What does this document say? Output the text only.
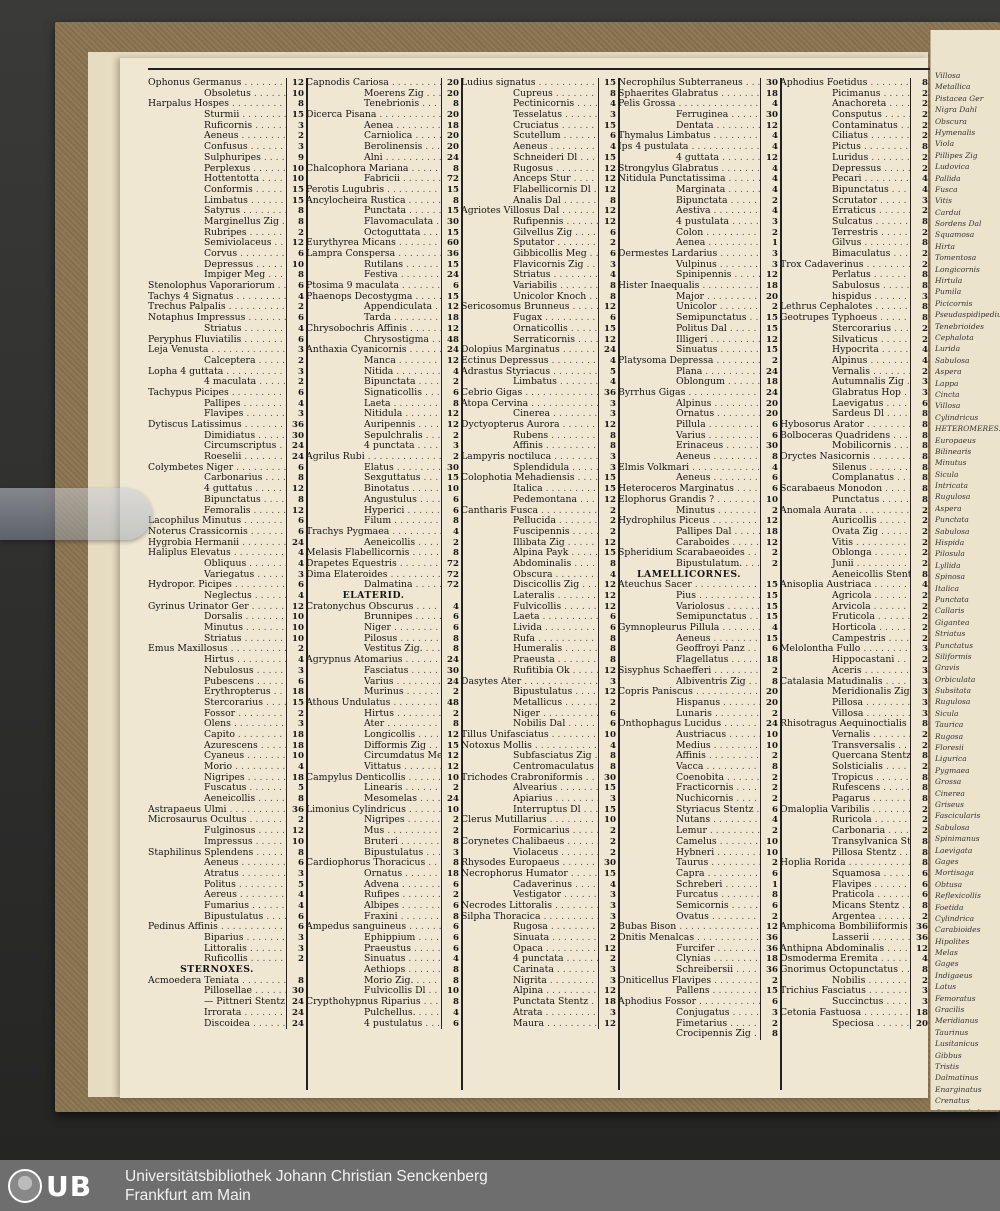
Villosa
Metallica
Pistacea Ger
Nigra Dahl
Obscura
Hymenalis
Viola
Pillipes Zig
Ludovica
Pallida
Fusca
Vitis
Cardui
Sordens Dal
Squamosa
Hirta
Tomentosa
Longicornis
Hirtula
Pumila
Picicornis
Pseudaspidipedius
Tenebrioides
Cephalota
Lurida
Sabulosa
Aspera
Lappa
Cincta
Villosa
Cylindricus
HETEROMERES.
Europaeus
Bilinearis
Minutus
Sicula
Intricata
Rugulosa
Aspera
Punctata
Sabulosa
Hispida
Pilosula
Lyllida
Spinosa
Italica
Punctata
Callaris
Gigantea
Striatus
Punctatus
Siliformis
Gravis
Orbiculata
Subsitata
Rugulosa
Sicula
Taurica
Rugosa
Floresii
Ligurica
Pygmaea
Grossa
Cinerea
Griseus
Fascicularis
Sabulosa
Spinimanus
Laevigata
Gages
Mortisaga
Obtusa
Reflexicollis
Foetida
Cylindrica
Carabioides
Hipolites
Melas
Gages
Indigaeus
Latus
Femoratus
Gracilis
Meridianus
Taurinus
Lusitanicus
Gibbus
Tristis
Dalmatinus
Enarginatus
Crenatus
Ophonus Germanus . . . . . . .	12
Obsoletus . . . . .	10
Harpalus Hospes . . . . . . . . .	8
Sturmii . . . . . . .	15
Ruficornis . . . . .	3
Aeneus . . . . . . . .	2
Confusus . . . . . .	3
Sulphuripes . . . .	9
Perplexus . . . . . . 10
Hottentotta . . . .	10
Conformis . . . . .	15
Limbatus . . . . . .	15
Satyrus . . . . . . .	8
Marginellus Zig .	8
Rubripes . . . . . .	2
Semiviolaceus . .	12
Corvus . . . . . . . .	6
Depressus . . . . .	10
Impiger Meg . . .	8
Stenolophus Vaporariorum .	6
Tachys 4 Signatus . . . . . . . .	4
Trechus Palpalis . . . . . . . . . .	2
Notaphus Impressus . . . . . .	6
Striatus . . . . . . .	4
Peryphus Fluviatilis . . . . . . .	6
Leja Venusta . . . . . . . . . . . . .	3
Calceptera . . . . .	2
Lopha 4 guttata . . . . . . . . . .	3
4 maculata . . . . .	2
Tachypus Picipes . . . . . . . . .	6
Pallipes . . . . . . .	4
Flavipes . . . . . . .	3
Dytiscus Latissimus . . . . . . .	36
Dimidiatus . . . . . 30
Circumscriptus .	24
Roeselii . . . . . . .	24
Colymbetes Niger . . . . . . . .	6
Carbonarius . . . .	8
4 guttatus . . . . .	12
Bipunctatus . . . .	8
Femoralis . . . . . . 12
Lacophilus Minutus . . . . . . .	6
Noterus Crassicornis . . . . . .	6
Hygrobia Hermanii . . . . . . .	24
Haliplus Elevatus . . . . . . . . .	4
Obliquus . . . . . .	4
Variegatus . . . . .	3
Hydropor. Picipes . . . . . . . . .	6
Neglectus . . . . .	4
Gyrinus Urinator Ger . . . . . . 12
Dorsalis . . . . . . . 10
Minutus . . . . . . . 10
Striatus . . . . . . .	10
Emus Maxillosus . . . . . . . . .	2
Hirtus . . . . . . . .	4
Nebulosus . . . . .	3
Pubescens . . . . .	6
Erythropterus . .	18
Stercorarius . . .	15
Fossor . . . . . . . .	2
Olens . . . . . . . . .	3
Capito . . . . . . . .	18
Azurescens . . . .	18
Cyaneus . . . . . . . 10
Morio . . . . . . . . .	4
Nigripes . . . . . . . 18
Fuscatus . . . . . .	5
Aeneicollis . . . . .	8
Astrapaeus Ulmi . . . . . . . . . . 36
Microsaurus Ocultus . . . . . .	2
Fulginosus . . . . . 12
Impressus . . . . .	10
Staphilinus Splendens . . . . .	8
Aeneus . . . . . . . .	6
Atratus . . . . . . . .	3
Politus . . . . . . . .	5
Aereus . . . . . . . .	4
Fumarius . . . . . .	4
Bipustulatus . . .	6
Pedinus Affinis . . . . . . . . . . .	6
Biparius . . . . . . .	3
Littoralis . . . . . .	3
Ruficollis . . . . . .	2
STERNOXES.
Acmoedera Teniata . . . . . . .	8
Pillosellae . . . . .	30
— Pittneri Stentz 24
Irrorata . . . . . . .	24
Discoidea . . . . . . 24
Capnodis Cariosa . . . . . . . .	20
Moerens Zig . .	20
Tenebrionis . . .	8
Dicerca Pisana . . . . . . . . . .	20
Aenea . . . . . . . . 18
Carniolica . . . .	20
Berolinensis . . . 20
Alni . . . . . . . . .	24
Chalcophora Mariana . . . . .	8
Fabricii . . . . . . . 72
Perotis Lugubris . . . . . . . . .	15
Ancylocheira Rustica . . . . . .	8
Punctata . . . . .	15
Flavomaculata . 30
Octoguttata . . .	15
Eurythyrea Micans . . . . . . .	60
Lampra Conspersa . . . . . . .	36
Rutilans . . . . . . 15
Festiva . . . . . . . 24
Ptosima 9 maculata . . . . . . .	6
Phaenops Decostygma . . . .	15
Appendiculata .	12
Tarda . . . . . . . .	18
Chrysobochris Affinis . . . . .	12
Chrysostigma . . 48
Anthaxia Cyanicornis . . . . .	24
Manca . . . . . . .	12
Nitida . . . . . . . .	4
Bipunctata . . . .	2
Signaticollis . . .	6
Laeta . . . . . . . .	8
Nitidula . . . . . .	12
Auripennis . . . . 12
Sepulchralis . . .	2
4 punctata . . . .	3
Agrilus Rubi . . . . . . . . . . . .	2
Elatus . . . . . . . . 30
Sexguttatus . . .	15
Binotatus . . . . . 10
Angustulus . . . .	6
Hyperici . . . . . .	6
Filum . . . . . . . .	8
Trachys Pygmaea . . . . . . . .	4
Aeneicollis . . . .	2
Melasis Flabellicornis . . . . .	8
Drapetes Equestris . . . . . . .	72
Dima Elateroides . . . . . . . . . 72
Dalmatina . . . .	72
ELATERID.
Cratonychus Obscurus . . . .	4
Brunnipes . . . .	6
Niger . . . . . . . .	6
Pilosus . . . . . . .	8
Vestitus Zig. . . .	8
Agrypnus Atomarius . . . . . .	24
Fasciatus . . . . .	30
Varius . . . . . . . . 24
Murinus . . . . . .	2
Athous Undulatus . . . . . . . .	48
Hirtus . . . . . . .	2
Ater . . . . . . . . .	8
Longicollis . . . . 12
Difformis Zig . .	15
Circumdatus Me 12
Vittatus . . . . . .	12
Campylus Denticollis . . . . . . 10
Linearis . . . . . .	2
Mesomelas . . . . 24
Limonius Cylindricus . . . . .	10
Nigripes . . . . . .	2
Mus . . . . . . . . .	2
Bruteri . . . . . . .	8
Bipustulatus . . .	3
Cardiophorus Thoracicus . .	8
Ornatus . . . . . .	18
Advena . . . . . . .	6
Rufipes . . . . . . .	2
Albipes . . . . . . .	6
Fraxini . . . . . . .	8
Ampedus sanguineus . . . . .	6
Ephippium . . . .	6
Praeustus . . . . .	6
Sinuatus . . . . . .	4
Aethiops . . . . . .	8
Morio Zig. . . . .	8
Fulvicollis Dl . .	10
Crypthohypnus Riparius . . .	8
Pulchellus. . . . .	4
4 pustulatus . . .	6
Ludius signatus . . . . . . . . . .	15
Cupreus . . . . . . .	8
Pectinicornis . . . .	4
Tesselatus . . . . . .	3
Cruciatus . . . . . .	15
Scutellum . . . . . .	6
Aeneus . . . . . . . .	4
Schneideri Dl . . .	15
Rugosus . . . . . . .	12
Anceps Stur . . . .	12
Flabellicornis Dl . 12
Analis Dal . . . . . .	8
Agriotes Villosus Dal . . . . . .	12
Rufipennis . . . . .	12
Gilvellus Zig . . . .	6
Sputator . . . . . . .	2
Gibbicollis Meg .	6
Flavicornis Zig . .	3
Striatus . . . . . . . .	4
Variabilis . . . . . .	8
Unicolor Knoch . .	8
Sericosomus Brunneus . . . .	12
Fugax . . . . . . . . .	6
Ornaticollis . . . . . 15
Serraticornis . . .	12
Dolopius Marginatus . . . . . .	24
Ectinus Depressus . . . . . . . .	4
Adrastus Styriacus . . . . . . . .	5
Limbatus . . . . . .	4
Cebrio Gigas . . . . . . . . . . . .	36
Atopa Cervina . . . . . . . . . . .	3
Cinerea . . . . . . . .	3
Dyctyopterus Aurora . . . . . .	12
Rubens . . . . . . . .	8
Affinis . . . . . . . . .	8
Lampyris noctiluca . . . . . . .	3
Splendidula . . . .	3
Colophotia Mehadiensis . . . . 15
Italica . . . . . . . . . 15
Pedemontana . . .	12
Cantharis Fusca . . . . . . . . . .	2
Pellucida . . . . . . .	2
Fuscipennis . . . .	2
Illibata Zig . . . . .	12
Alpina Payk . . . . . 15
Abdominalis . . . .	8
Obscura . . . . . . .	4
Discicollis Zig . . . 12
Lateralis . . . . . . . 12
Fulvicollis . . . . . . 12
Laeta . . . . . . . . .	6
Livida . . . . . . . . .	6
Rufa . . . . . . . . . .	8
Humeralis . . . . . .	8
Praeusta . . . . . . .	8
Rufitibia Ok . . . .	12
Dasytes Ater . . . . . . . . . . . . .	3
Bipustulatus . . . . 12
Metallicus . . . . . .	2
Niger . . . . . . . . .	6
Nobilis Dal . . . . .	6
Tillus Unifasciatus . . . . . . . . 10
Notoxus Mollis . . . . . . . . . . .	4
Subfasciatus Zig .	8
Centromaculatus	8
Trichodes Crabroniformis . .	30
Alvearius . . . . . .	15
Apiarius . . . . . . .	3
Interruptus Dl . .	15
Clerus Mutillarius . . . . . . . .	10
Formicarius . . . .	2
Corynetes Chalibaeus . . . . .	2
Violaceus . . . . . .	2
Rhysodes Europaeus . . . . . .	30
Necrophorus Humator . . . . . 15
Cadaverinus . . . .	4
Vestigator . . . . . .	3
Necrodes Littoralis . . . . . . .	3
Silpha Thoracica . . . . . . . . .	3
Rugosa . . . . . . . .	2
Sinuata . . . . . . . .	2
Opaca . . . . . . . . . 12
4 punctata . . . . .	2
Carinata . . . . . . .	3
Nigrita . . . . . . . .	3
Alpina . . . . . . . . . 12
Punctata Stentz .	18
Atrata . . . . . . . . .	3
Maura . . . . . . . . . 12
Necrophilus Subterraneus . .	30
Sphaerites Glabratus . . . . . . . 18
Pelis Grossa . . . . . . . . . . . . . . . 4
Ferruginea . . . . . 30
Dentata . . . . . . .	12
Thymalus Limbatus . . . . . . . .	4
Ips 4 pustulata . . . . . . . . . . . .	4
4 guttata . . . . . .	12
Strongylus Glabratus . . . . . . .	4
Nitidula Punctatissima . . . . .	4
Marginata . . . . .	4
Bipunctata . . . . .	2
Aestiva . . . . . . . .	4
4 pustulata . . . . .	3
Colon . . . . . . . . .	2
Aenea . . . . . . . . .	1
Dermestes Lardarius . . . . . . .	3
Vulpinus . . . . . . .	3
Spinipennis . . . .	12
Hister Inaequalis . . . . . . . . . . 18
Major . . . . . . . . .	20
Unicolor . . . . . . .	2
Semipunctatus . . 15
Politus Dal . . . . .	15
Illigeri . . . . . . . .	12
Sinuatus . . . . . . . 15
Platysoma Depressa . . . . . . .	2
Plana . . . . . . . . .	24
Oblongum . . . . .	18
Byrrhus Gigas . . . . . . . . . . . .	24
Alpinus . . . . . . . . 20
Ornatus . . . . . . .	20
Pillula . . . . . . . . .	6
Varius . . . . . . . . .	6
Erinaceus . . . . . . 30
Aeneus . . . . . . . .	8
Elmis Volkmari . . . . . . . . . . . .	4
Aeneus . . . . . . . .	6
Heteroceros Marginatus . . . .	6
Elophorus Grandis ? . . . . . . .	10
Minutus . . . . . . .	2
Hydrophilus Piceus . . . . . . . .	12
Pallipes Dal . . . .	18
Caraboides . . . . . 12
Spheridium Scarabaeoides . .	2
Bipustulatum. . . .	2
LAMELLICORNES.
Ateuchus Sacer . . . . . . . . . . .	15
Pius . . . . . . . . . .	15
Variolosus . . . . . . 15
Semipunctatus . . 15
Gymnopleurus Pillula . . . . . .	4
Aeneus . . . . . . . . 15
Geoffroyi Panz . .	6
Flagellatus . . . . . 18
Sisyphus Schaefferi . . . . . . . .	2
Albiventris Zig . .	8
Copris Paniscus . . . . . . . . . . . 20
Hispanus . . . . . .	20
Lunaris . . . . . . . .	2
Onthophagus Lucidus . . . . . .	24
Austriacus . . . . .	10
Medius . . . . . . . . 10
Affinis . . . . . . . . .	2
Vacca . . . . . . . . .	8
Coenobita . . . . . .	2
Fracticornis . . . .	2
Nuchicornis . . . .	2
Styriacus Stentz .	6
Nutans . . . . . . . .	4
Lemur . . . . . . . . .	2
Camelus . . . . . . . 10
Hybneri . . . . . . .	10
Taurus . . . . . . . .	2
Capra . . . . . . . . .	6
Schreberi . . . . . .	1
Furcatus . . . . . . .	8
Semicornis . . . . .	6
Ovatus . . . . . . . .	2
Bubas Bison . . . . . . . . . . . . . . . 12
Onitis Menalcas . . . . . . . . . . . 36
Furcifer . . . . . . .	36
Clynias . . . . . . . . 18
Schreibersii . . . .	36
Oniticellus Flavipes . . . . . . . .	2
Pallens . . . . . . . .	15
Aphodius Fossor . . . . . . . . . .	6
Conjugatus . . . . .	3
Fimetarius . . . . .	2
Crocipennis Zig .	8
Aphodius Foetidus . . . . . . .	8
Picimanus . . . . .	2
Anachoreta . . . .	2
Consputus . . . .	2
Contaminatus . .	2
Ciliatus . . . . . . .	2
Pictus . . . . . . . .	8
Luridus . . . . . . .	2
Depressus . . . .	2
Pecari . . . . . . . .	4
Bipunctatus . . .	4
Scrutator . . . . .	3
Erraticus . . . . .	2
Sulcatus . . . . . .	8
Terrestris . . . . .	2
Gilvus . . . . . . . .	8
Bimaculatus . . .	2
Trox Cadaverinus . . . . . . .	2
Perlatus . . . . . .	8
Sabulosus . . . . .	8
hispidus . . . . . .	3
Lethrus Cephalotes . . . . . .	8
Geotrupes Typhoeus . . . . .	8
Stercorarius . . .	2
Silvaticus . . . . .	2
Hypocrita . . . . .	4
Alpinus . . . . . . .	4
Vernalis . . . . . .	2
Autumnalis Zig .	3
Glabratus Hop .	3
Laevigatus . . . .	6
Sardeus Dl . . . .	8
Hybosorus Arator . . . . . . .	8
Bolboceras Quadridens . . .	8
Mobilicornis . . .	8
Oryctes Nasicornis . . . . . .	8
Silenus . . . . . . .	8
Complanatus . .	8
Scarabaeus Monodon . . . .	8
Punctatus . . . . .	8
Anomala Aurata . . . . . . . . .	2
Auricollis . . . . .	2
Ovata Zig . . . . .	2
Vitis . . . . . . . . .	2
Oblonga . . . . . .	2
Junii . . . . . . . . .	2
Aeneicollis Stentz 8
Anisoplia Austriaca . . . . . .	4
Agricola . . . . . .	2
Arvicola . . . . . .	2
Fruticola . . . . .	2
Horticola . . . . .	2
Campestris . . . .	2
Melolontha Fullo . . . . . . . .	3
Hippocastani . .	2
Aceris . . . . . . . .	3
Catalasia Matudinalis . . . .	3
Meridionalis Zig	3
Pillosa . . . . . . .	3
Villosa . . . . . . .	3
Rhisotragus Aequinoctialis	8
Vernalis . . . . . .	2
Transversalis . .	2
Quercana Stentz	8
Solsticialis . . . .	2
Tropicus . . . . . .	8
Rufescens . . . . .	8
Pagarus . . . . . .	8
Omaloplia Varibilis . . . . . .	2
Ruricola . . . . . .	2
Carbonaria . . . .	2
Transylvanica St	8
Pillosa Stentz . .	8
Hoplia Rorida . . . . . . . . . .	8
Squamosa . . . . .	6
Flavipes . . . . . .	6
Praticola . . . . . .	6
Micans Stentz .	8
Argentea . . . . .	2
Amphicoma Bombiliiformis 36
Lasserii . . . . . .	36
Anthipna Abdominalis . . . . 12
Osmoderma Eremita . . . . .	4
Gnorimus Octopunctatus . .	8
Nobilis . . . . . . .	2
Trichius Fasciatus . . . . . . .	3
Succinctus . . . .	3
Cetonia Fastuosa . . . . . . . . 18
Speciosa . . . . . . 20
UB Universitätsbibliothek Johann Christian Senckenberg
Frankfurt am Main
